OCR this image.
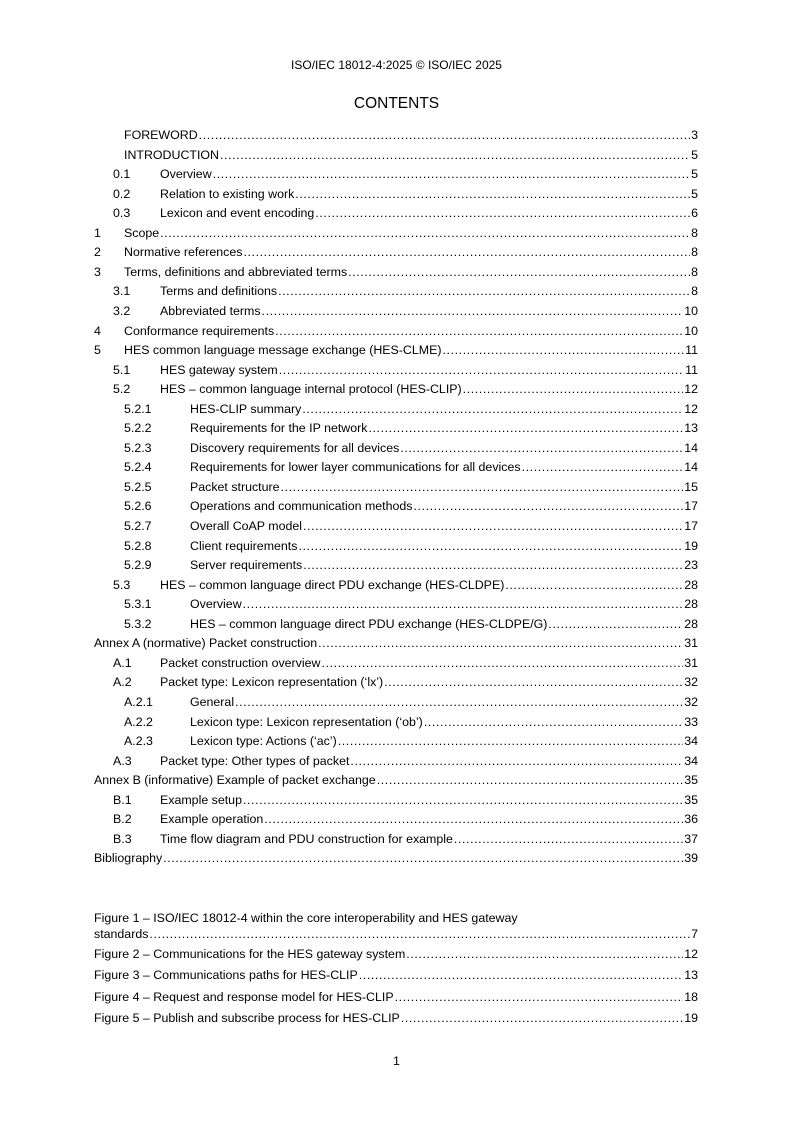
ISO/IEC 18012-4:2025 © ISO/IEC 2025
CONTENTS
FOREWORD .....	3
INTRODUCTION .....	5
0.1	Overview .....	5
0.2	Relation to existing work .....	5
0.3	Lexicon and event encoding .....	6
1	Scope .....	8
2	Normative references .....	8
3	Terms, definitions and abbreviated terms .....	8
3.1	Terms and definitions .....	8
3.2	Abbreviated terms .....	10
4	Conformance requirements .....	10
5	HES common language message exchange (HES-CLME) .....	11
5.1	HES gateway system .....	11
5.2	HES – common language internal protocol (HES-CLIP) .....	12
5.2.1	HES-CLIP summary .....	12
5.2.2	Requirements for the IP network .....	13
5.2.3	Discovery requirements for all devices .....	14
5.2.4	Requirements for lower layer communications for all devices .....	14
5.2.5	Packet structure .....	15
5.2.6	Operations and communication methods .....	17
5.2.7	Overall CoAP model .....	17
5.2.8	Client requirements .....	19
5.2.9	Server requirements .....	23
5.3	HES – common language direct PDU exchange (HES-CLDPE) .....	28
5.3.1	Overview .....	28
5.3.2	HES – common language direct PDU exchange (HES-CLDPE/G) .....	28
Annex A (normative) Packet construction .....	31
A.1	Packet construction overview .....	31
A.2	Packet type: Lexicon representation (‘lx’) .....	32
A.2.1	General .....	32
A.2.2	Lexicon type: Lexicon representation (‘ob’) .....	33
A.2.3	Lexicon type: Actions (‘ac’) .....	34
A.3	Packet type: Other types of packet .....	34
Annex B (informative) Example of packet exchange .....	35
B.1	Example setup .....	35
B.2	Example operation .....	36
B.3	Time flow diagram and PDU construction for example .....	37
Bibliography .....	39
Figure 1 – ISO/IEC 18012-4 within the core interoperability and HES gateway
standards .....	7
Figure 2 – Communications for the HES gateway system .....	12
Figure 3 – Communications paths for HES-CLIP .....	13
Figure 4 – Request and response model for HES-CLIP .....	18
Figure 5 – Publish and subscribe process for HES-CLIP .....	19
1
